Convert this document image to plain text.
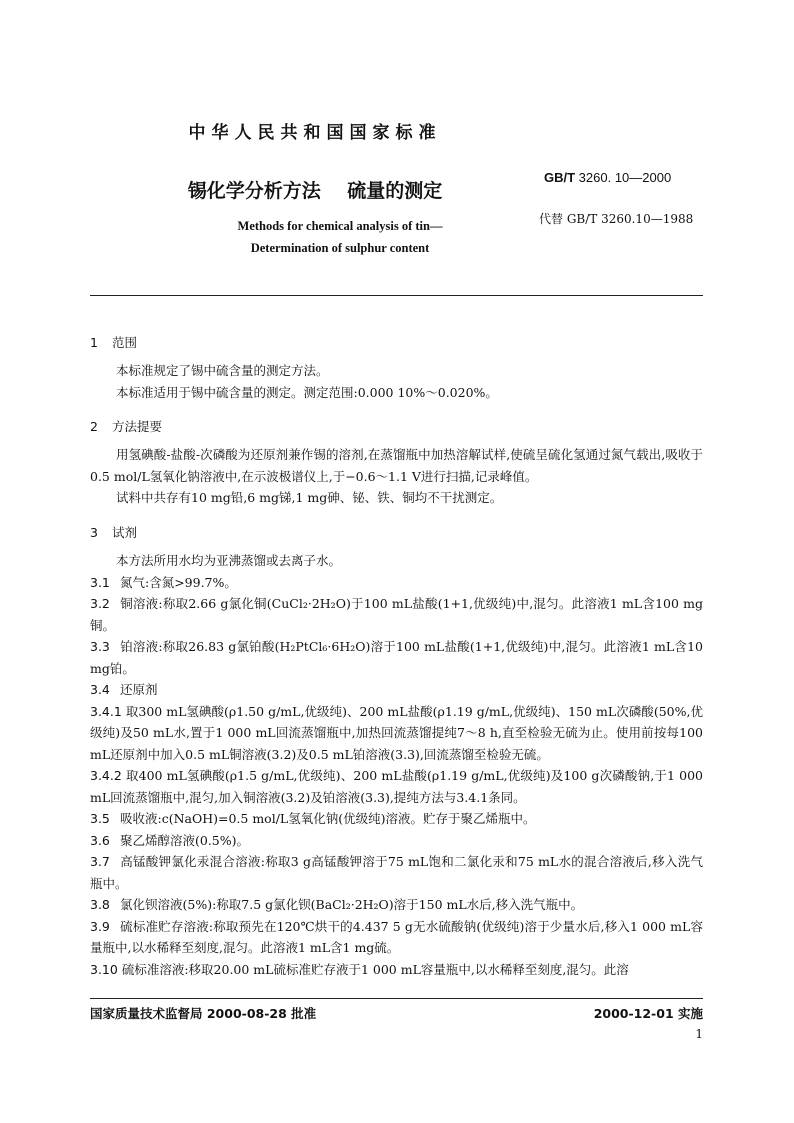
中华人民共和国国家标准
锡化学分析方法    硫量的测定
GB/T 3260. 10—2000
Methods for chemical analysis of tin—	代替 GB/T 3260.10—1988
Determination of sulphur content
1 范围

本标准规定了锡中硫含量的测定方法。

本标准适用于锡中硫含量的测定。测定范围:0.000 10%～0.020%。

2 方法提要

用氢碘酸-盐酸-次磷酸为还原剂兼作锡的溶剂,在蒸馏瓶中加热溶解试样,使硫呈硫化氢通过氮气载出,吸收于0.5 mol/L氢氧化钠溶液中,在示波极谱仪上,于−0.6～1.1 V进行扫描,记录峰值。

试料中共存有10 mg铅,6 mg锑,1 mg砷、铋、铁、铜均不干扰测定。

3 试剂

本方法所用水均为亚沸蒸馏或去离子水。

3.1 氮气:含氮>99.7%。

3.2 铜溶液:称取2.66 g氯化铜(CuCl₂·2H₂O)于100 mL盐酸(1+1,优级纯)中,混匀。此溶液1 mL含100 mg铜。

3.3 铂溶液:称取26.83 g氯铂酸(H₂PtCl₆·6H₂O)溶于100 mL盐酸(1+1,优级纯)中,混匀。此溶液1 mL含10 mg铂。

3.4 还原剂

3.4.1 取300 mL氢碘酸(ρ1.50 g/mL,优级纯)、200 mL盐酸(ρ1.19 g/mL,优级纯)、150 mL次磷酸(50%,优级纯)及50 mL水,置于1 000 mL回流蒸馏瓶中,加热回流蒸馏提纯7～8 h,直至检验无硫为止。使用前按每100 mL还原剂中加入0.5 mL铜溶液(3.2)及0.5 mL铂溶液(3.3),回流蒸馏至检验无硫。

3.4.2 取400 mL氢碘酸(ρ1.5 g/mL,优级纯)、200 mL盐酸(ρ1.19 g/mL,优级纯)及100 g次磷酸钠,于1 000 mL回流蒸馏瓶中,混匀,加入铜溶液(3.2)及铂溶液(3.3),提纯方法与3.4.1条同。

3.5 吸收液:c(NaOH)=0.5 mol/L氢氧化钠(优级纯)溶液。贮存于聚乙烯瓶中。

3.6 聚乙烯醇溶液(0.5%)。

3.7 高锰酸钾氯化汞混合溶液:称取3 g高锰酸钾溶于75 mL饱和二氯化汞和75 mL水的混合溶液后,移入洗气瓶中。

3.8 氯化钡溶液(5%):称取7.5 g氯化钡(BaCl₂·2H₂O)溶于150 mL水后,移入洗气瓶中。

3.9 硫标准贮存溶液:称取预先在120℃烘干的4.437 5 g无水硫酸钠(优级纯)溶于少量水后,移入1 000 mL容量瓶中,以水稀释至刻度,混匀。此溶液1 mL含1 mg硫。

3.10 硫标准溶液:移取20.00 mL硫标准贮存液于1 000 mL容量瓶中,以水稀释至刻度,混匀。此溶

国家质量技术监督局 2000-08-28 批准	2000-12-01 实施
1
